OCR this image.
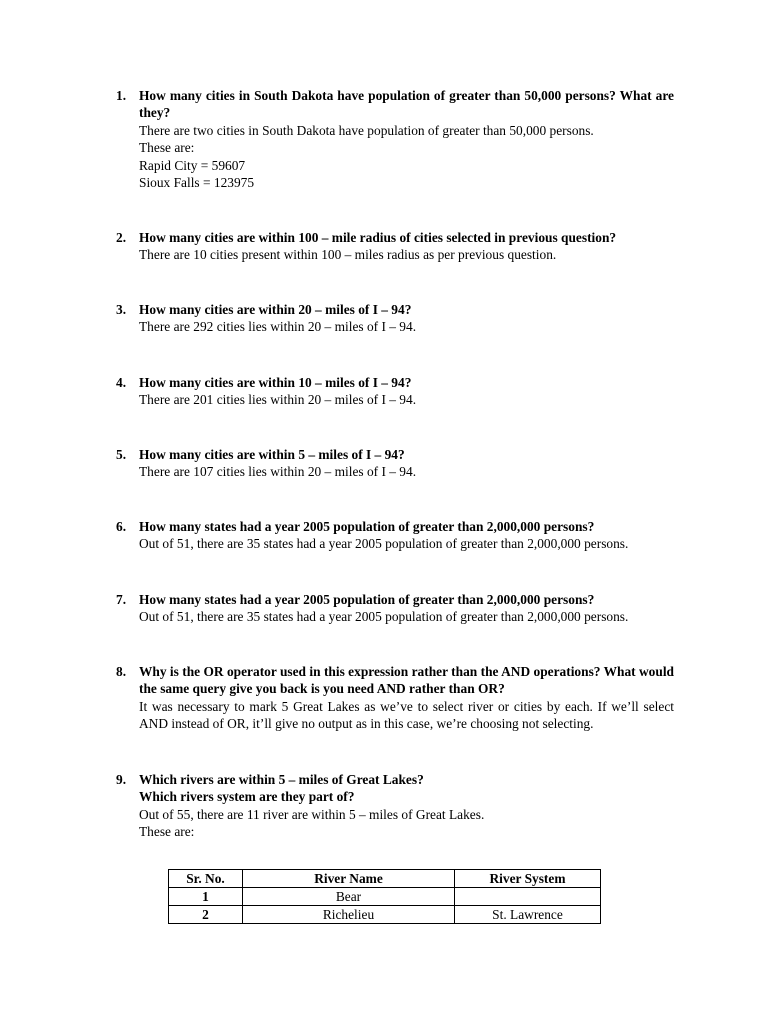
1. How many cities in South Dakota have population of greater than 50,000 persons? What are they?
There are two cities in South Dakota have population of greater than 50,000 persons.
These are:
Rapid City = 59607
Sioux Falls = 123975
2. How many cities are within 100 – mile radius of cities selected in previous question?
There are 10 cities present within 100 – miles radius as per previous question.
3. How many cities are within 20 – miles of I – 94?
There are 292 cities lies within 20 – miles of I – 94.
4. How many cities are within 10 – miles of I – 94?
There are 201 cities lies within 20 – miles of I – 94.
5. How many cities are within 5 – miles of I – 94?
There are 107 cities lies within 20 – miles of I – 94.
6. How many states had a year 2005 population of greater than 2,000,000 persons?
Out of 51, there are 35 states had a year 2005 population of greater than 2,000,000 persons.
7. How many states had a year 2005 population of greater than 2,000,000 persons?
Out of 51, there are 35 states had a year 2005 population of greater than 2,000,000 persons.
8. Why is the OR operator used in this expression rather than the AND operations? What would the same query give you back is you need AND rather than OR?
It was necessary to mark 5 Great Lakes as we’ve to select river or cities by each. If we’ll select AND instead of OR, it’ll give no output as in this case, we’re choosing not selecting.
9. Which rivers are within 5 – miles of Great Lakes?
Which rivers system are they part of?
Out of 55, there are 11 river are within 5 – miles of Great Lakes.
These are:
Sr. No.	River Name	River System
1	Bear	
2	Richelieu	St. Lawrence
